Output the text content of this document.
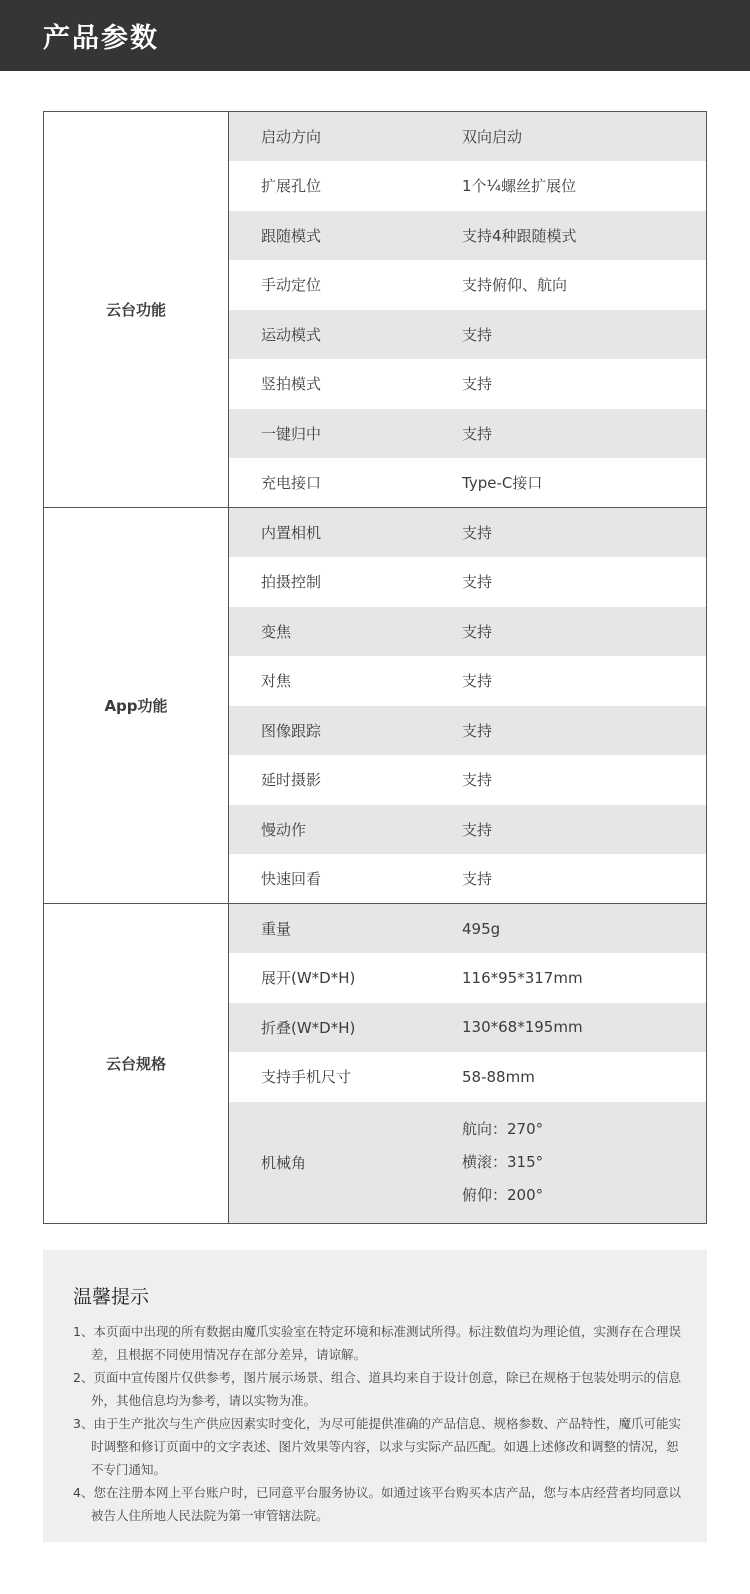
产品参数
云台功能	启动方向	双向启动
	扩展孔位	1个¼螺丝扩展位
	跟随模式	支持4种跟随模式
	手动定位	支持俯仰、航向
	运动模式	支持
	竖拍模式	支持
	一键归中	支持
	充电接口	Type-C接口
App功能	内置相机	支持
	拍摄控制	支持
	变焦	支持
	对焦	支持
	图像跟踪	支持
	延时摄影	支持
	慢动作	支持
	快速回看	支持
云台规格	重量	495g
	展开(W*D*H)	116*95*317mm
	折叠(W*D*H)	130*68*195mm
	支持手机尺寸	58-88mm
	机械角	航向：270°
横滚：315°
俯仰：200°
温馨提示
1、本页面中出现的所有数据由魔爪实验室在特定环境和标准测试所得。标注数值均为理论值，实测存在合理误差，且根据不同使用情况存在部分差异，请谅解。
2、页面中宣传图片仅供参考，图片展示场景、组合、道具均来自于设计创意，除已在规格于包装处明示的信息外，其他信息均为参考，请以实物为准。
3、由于生产批次与生产供应因素实时变化，为尽可能提供准确的产品信息、规格参数、产品特性，魔爪可能实时调整和修订页面中的文字表述、图片效果等内容，以求与实际产品匹配。如遇上述修改和调整的情况，恕不专门通知。
4、您在注册本网上平台账户时，已同意平台服务协议。如通过该平台购买本店产品，您与本店经营者均同意以被告人住所地人民法院为第一审管辖法院。
